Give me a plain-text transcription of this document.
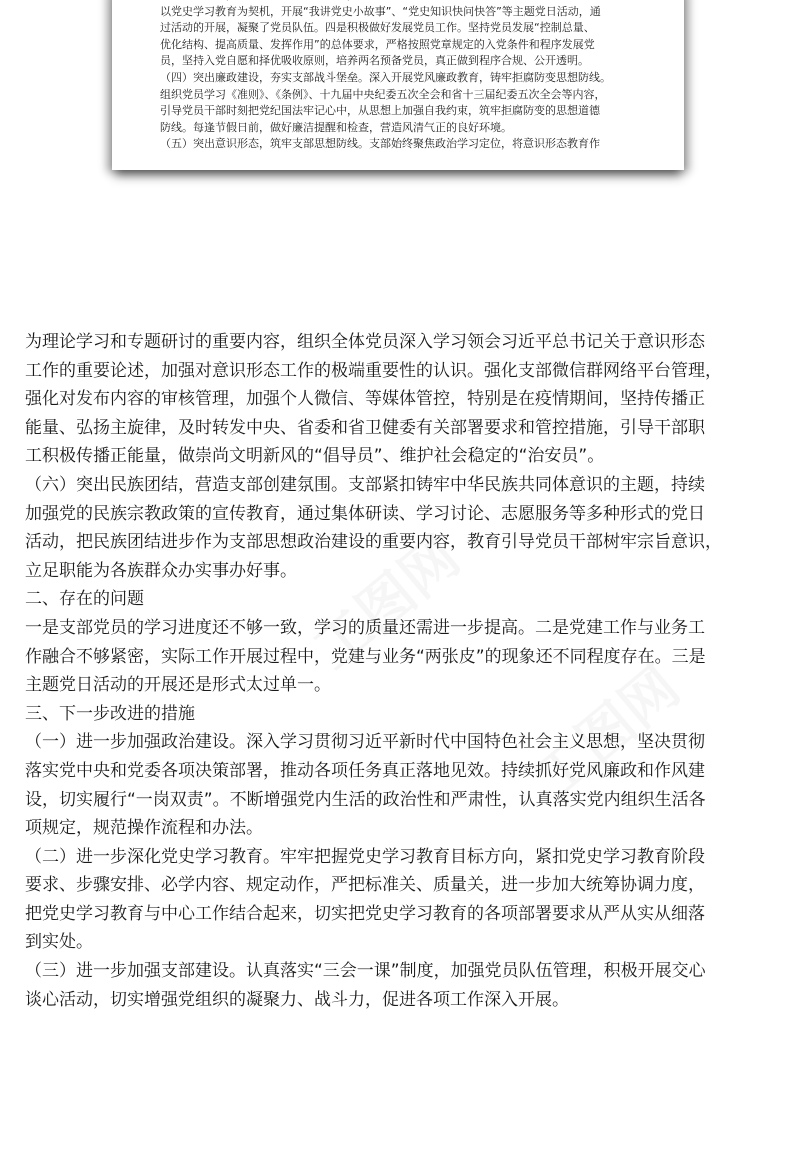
以党史学习教育为契机，开展“我讲党史小故事”、“党史知识快问快答”等主题党日活动，通
过活动的开展，凝聚了党员队伍。四是积极做好发展党员工作。坚持党员发展“控制总量、
优化结构、提高质量、发挥作用”的总体要求，严格按照党章规定的入党条件和程序发展党
员，坚持入党自愿和择优吸收原则，培养两名预备党员，真正做到程序合规、公开透明。
（四）突出廉政建设，夯实支部战斗堡垒。深入开展党风廉政教育，铸牢拒腐防变思想防线。
组织党员学习《准则》、《条例》、十九届中央纪委五次全会和省十三届纪委五次全会等内容，
引导党员干部时刻把党纪国法牢记心中，从思想上加强自我约束，筑牢拒腐防变的思想道德
防线。每逢节假日前，做好廉洁提醒和检查，营造风清气正的良好环境。
（五）突出意识形态，筑牢支部思想防线。支部始终聚焦政治学习定位，将意识形态教育作
为理论学习和专题研讨的重要内容，组织全体党员深入学习领会习近平总书记关于意识形态
工作的重要论述，加强对意识形态工作的极端重要性的认识。强化支部微信群网络平台管理，
强化对发布内容的审核管理，加强个人微信、等媒体管控，特别是在疫情期间，坚持传播正
能量、弘扬主旋律，及时转发中央、省委和省卫健委有关部署要求和管控措施，引导干部职
工积极传播正能量，做崇尚文明新风的“倡导员”、维护社会稳定的“治安员”。
（六）突出民族团结，营造支部创建氛围。支部紧扣铸牢中华民族共同体意识的主题，持续
加强党的民族宗教政策的宣传教育，通过集体研读、学习讨论、志愿服务等多种形式的党日
活动，把民族团结进步作为支部思想政治建设的重要内容，教育引导党员干部树牢宗旨意识，
立足职能为各族群众办实事办好事。
二、存在的问题
一是支部党员的学习进度还不够一致，学习的质量还需进一步提高。二是党建工作与业务工
作融合不够紧密，实际工作开展过程中，党建与业务“两张皮”的现象还不同程度存在。三是
主题党日活动的开展还是形式太过单一。
三、下一步改进的措施
（一）进一步加强政治建设。深入学习贯彻习近平新时代中国特色社会主义思想，坚决贯彻
落实党中央和党委各项决策部署，推动各项任务真正落地见效。持续抓好党风廉政和作风建
设，切实履行“一岗双责”。不断增强党内生活的政治性和严肃性，认真落实党内组织生活各
项规定，规范操作流程和办法。
（二）进一步深化党史学习教育。牢牢把握党史学习教育目标方向，紧扣党史学习教育阶段
要求、步骤安排、必学内容、规定动作，严把标准关、质量关，进一步加大统筹协调力度，
把党史学习教育与中心工作结合起来，切实把党史学习教育的各项部署要求从严从实从细落
到实处。
（三）进一步加强支部建设。认真落实“三会一课”制度，加强党员队伍管理，积极开展交心
谈心活动，切实增强党组织的凝聚力、战斗力，促进各项工作深入开展。
